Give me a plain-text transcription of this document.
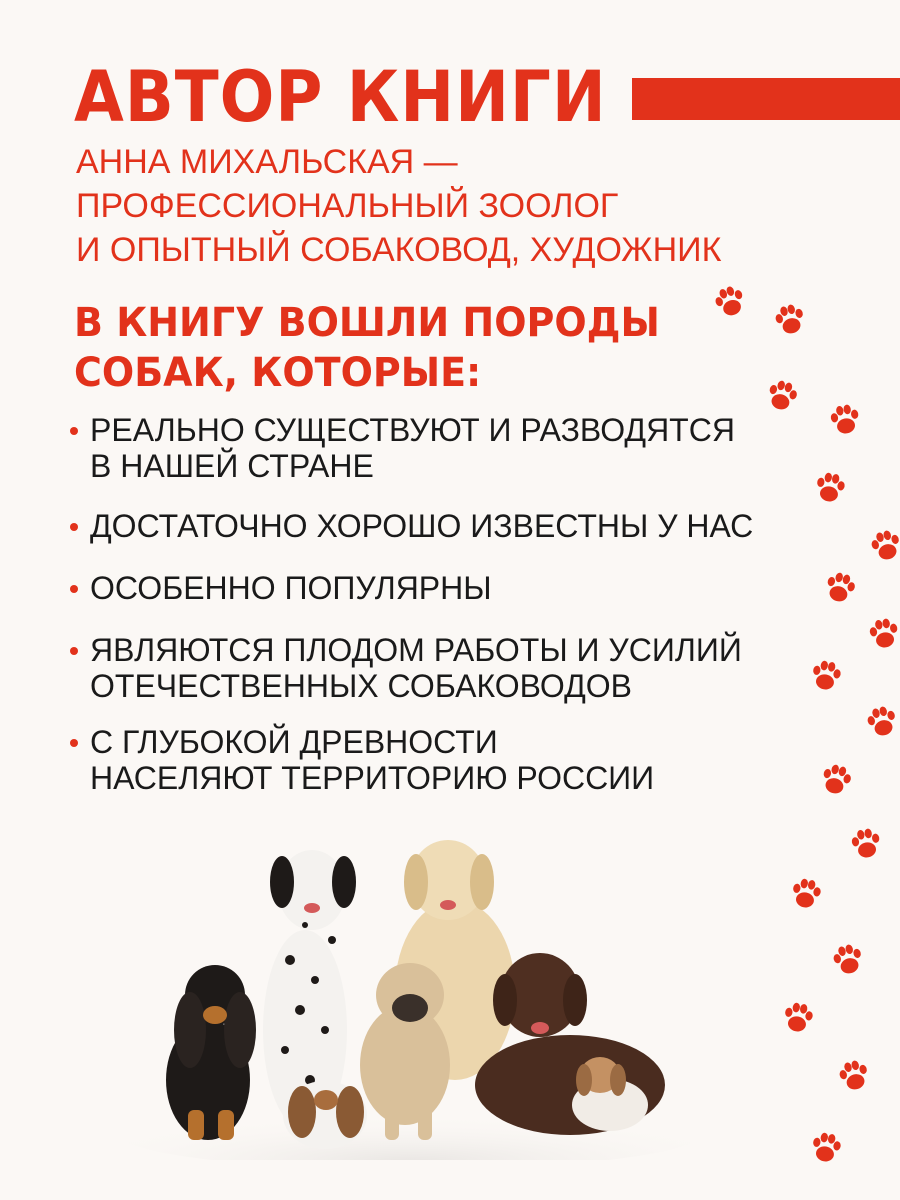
АВТОР КНИГИ

АННА МИХАЛЬСКАЯ —
ПРОФЕССИОНАЛЬНЫЙ ЗООЛОГ
И ОПЫТНЫЙ СОБАКОВОД, ХУДОЖНИК

В КНИГУ ВОШЛИ ПОРОДЫ
СОБАК, КОТОРЫЕ:
РЕАЛЬНО СУЩЕСТВУЮТ И РАЗВОДЯТСЯ
В НАШЕЙ СТРАНЕ
ДОСТАТОЧНО ХОРОШО ИЗВЕСТНЫ У НАС
ОСОБЕННО ПОПУЛЯРНЫ
ЯВЛЯЮТСЯ ПЛОДОМ РАБОТЫ И УСИЛИЙ
ОТЕЧЕСТВЕННЫХ СОБАКОВОДОВ
С ГЛУБОКОЙ ДРЕВНОСТИ
НАСЕЛЯЮТ ТЕРРИТОРИЮ РОССИИ
